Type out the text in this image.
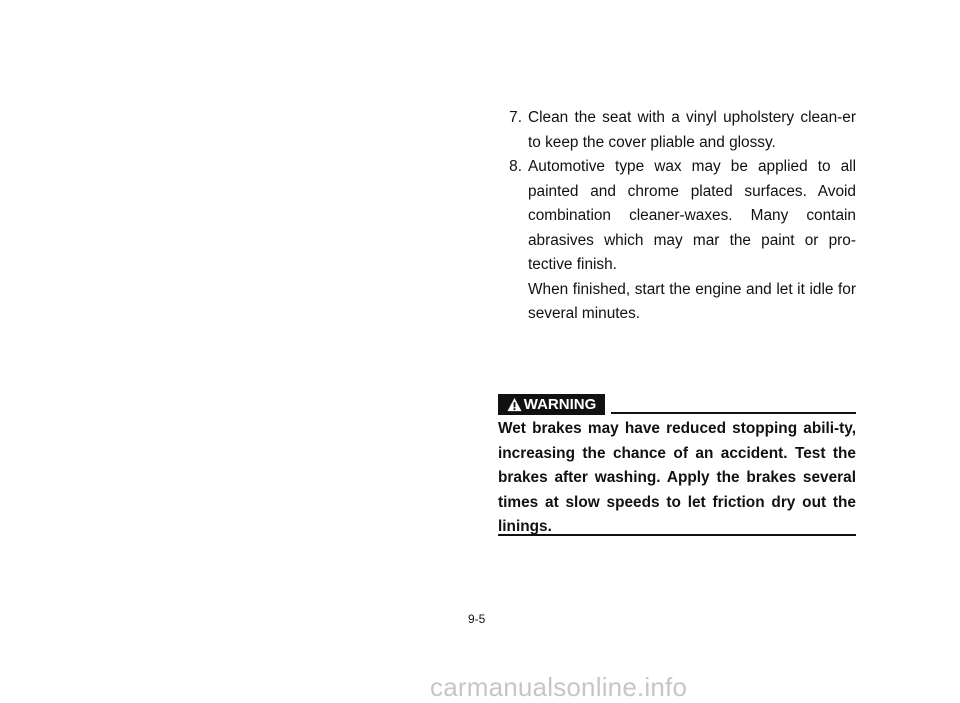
7. Clean the seat with a vinyl upholstery clean-er to keep the cover pliable and glossy.

8. Automotive type wax may be applied to all painted and chrome plated surfaces. Avoid combination cleaner-waxes. Many contain abrasives which may mar the paint or pro-tective finish.

When finished, start the engine and let it idle for several minutes.

WARNING

Wet brakes may have reduced stopping abili-ty, increasing the chance of an accident. Test the brakes after washing. Apply the brakes several times at slow speeds to let friction dry out the linings.

9-5
carmanualsonline.info
